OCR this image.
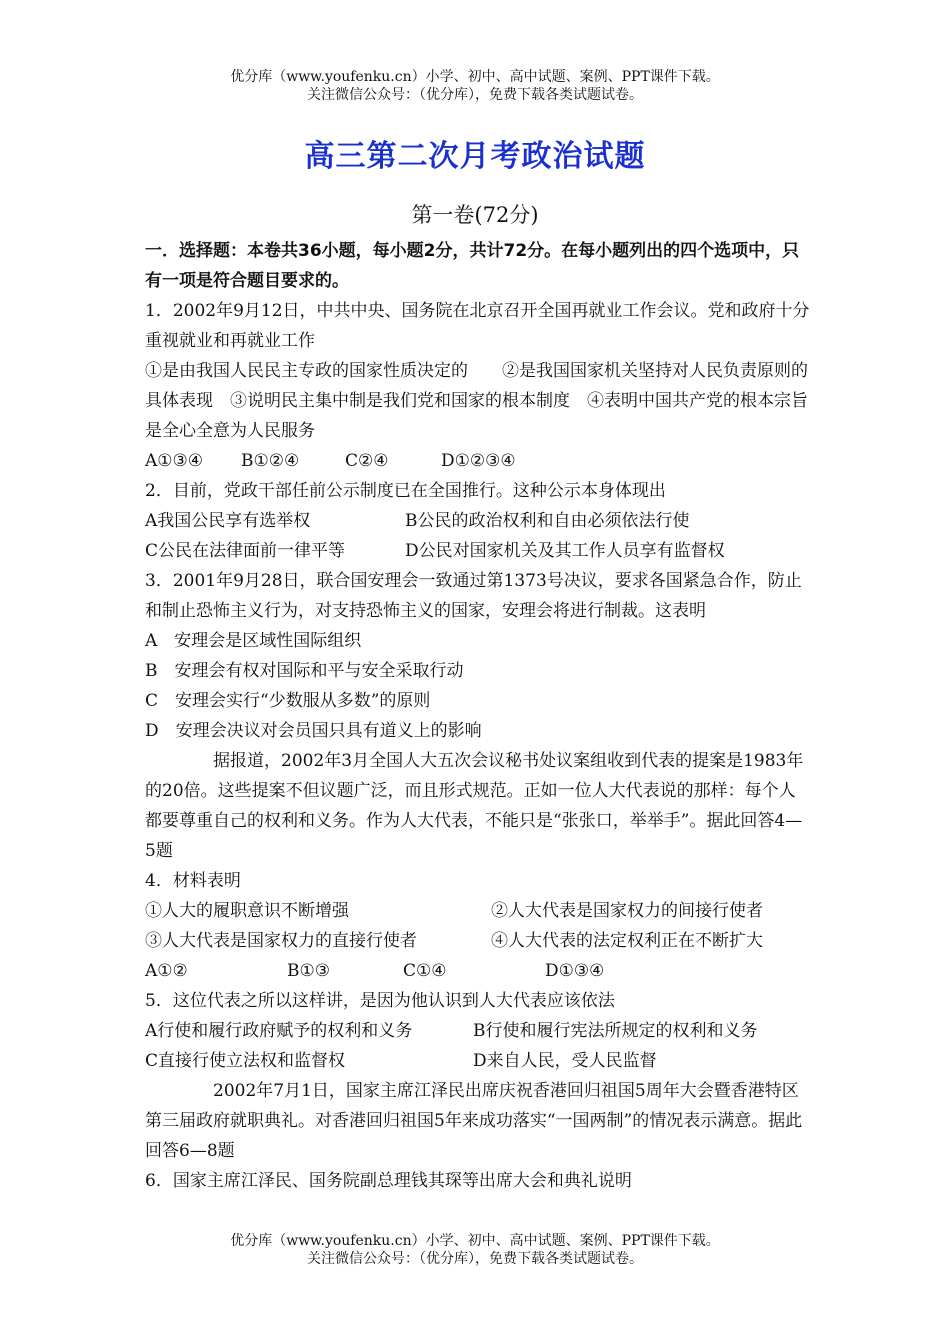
优分库（www.youfenku.cn）小学、初中、高中试题、案例、PPT课件下载。
关注微信公众号：（优分库），免费下载各类试题试卷。
高三第二次月考政治试题
第一卷(72分)

一．选择题：本卷共36小题，每小题2分，共计72分。在每小题列出的四个选项中，只有一项是符合题目要求的。

1．2002年9月12日，中共中央、国务院在北京召开全国再就业工作会议。党和政府十分重视就业和再就业工作

①是由我国人民民主专政的国家性质决定的　　②是我国国家机关坚持对人民负责原则的具体表现　③说明民主集中制是我们党和国家的根本制度　④表明中国共产党的根本宗旨是全心全意为人民服务

A①③④	B①②④	C②④	D①②③④

2．目前，党政干部任前公示制度已在全国推行。这种公示本身体现出

A我国公民享有选举权	B公民的政治权利和自由必须依法行使
C公民在法律面前一律平等	D公民对国家机关及其工作人员享有监督权

3．2001年9月28日，联合国安理会一致通过第1373号决议，要求各国紧急合作，防止和制止恐怖主义行为，对支持恐怖主义的国家，安理会将进行制裁。这表明

A　安理会是区域性国际组织

B　安理会有权对国际和平与安全采取行动

C　安理会实行“少数服从多数”的原则

D　安理会决议对会员国只具有道义上的影响

据报道，2002年3月全国人大五次会议秘书处议案组收到代表的提案是1983年的20倍。这些提案不但议题广泛，而且形式规范。正如一位人大代表说的那样：每个人都要尊重自己的权利和义务。作为人大代表，不能只是“张张口，举举手”。据此回答4—5题

4．材料表明

①人大的履职意识不断增强	②人大代表是国家权力的间接行使者
③人大代表是国家权力的直接行使者	④人大代表的法定权利正在不断扩大
A①②	B①③	C①④	D①③④

5．这位代表之所以这样讲，是因为他认识到人大代表应该依法

A行使和履行政府赋予的权利和义务	B行使和履行宪法所规定的权利和义务
C直接行使立法权和监督权	D来自人民，受人民监督

2002年7月1日，国家主席江泽民出席庆祝香港回归祖国5周年大会暨香港特区第三届政府就职典礼。对香港回归祖国5年来成功落实“一国两制”的情况表示满意。据此回答6—8题

6．国家主席江泽民、国务院副总理钱其琛等出席大会和典礼说明

优分库（www.youfenku.cn）小学、初中、高中试题、案例、PPT课件下载。
关注微信公众号：（优分库），免费下载各类试题试卷。
